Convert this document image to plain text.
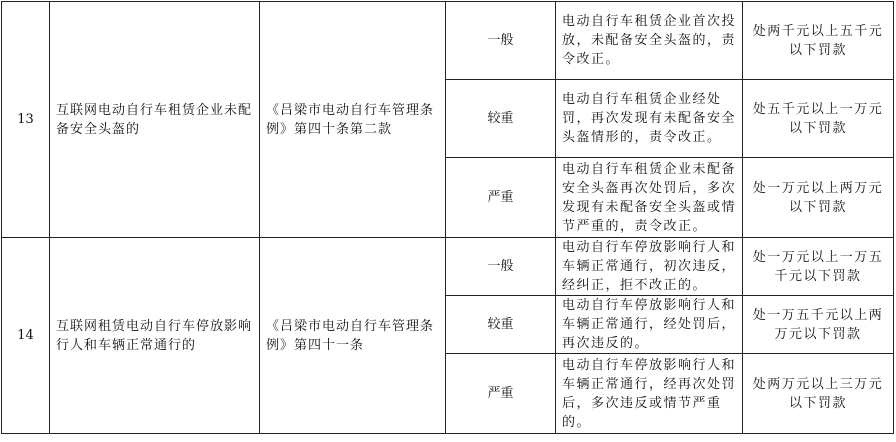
13	互联网电动自行车租赁企业未配备安全头盔的	《吕梁市电动自行车管理条例》第四十条第二款	一般	电动自行车租赁企业首次投放，未配备安全头盔的，责令改正。	处两千元以上五千元以下罚款
			较重	电动自行车租赁企业经处罚，再次发现有未配备安全头盔情形的，责令改正。	处五千元以上一万元以下罚款
			严重	电动自行车租赁企业未配备安全头盔再次处罚后，多次发现有未配备安全头盔或情节严重的，责令改正。	处一万元以上两万元以下罚款
14	互联网租赁电动自行车停放影响行人和车辆正常通行的	《吕梁市电动自行车管理条例》第四十一条	一般	电动自行车停放影响行人和车辆正常通行，初次违反，经纠正，拒不改正的。	处一万元以上一万五千元以下罚款
			较重	电动自行车停放影响行人和车辆正常通行，经处罚后，再次违反的。	处一万五千元以上两万元以下罚款
			严重	电动自行车停放影响行人和车辆正常通行，经再次处罚后，多次违反或情节严重的。	处两万元以上三万元以下罚款
